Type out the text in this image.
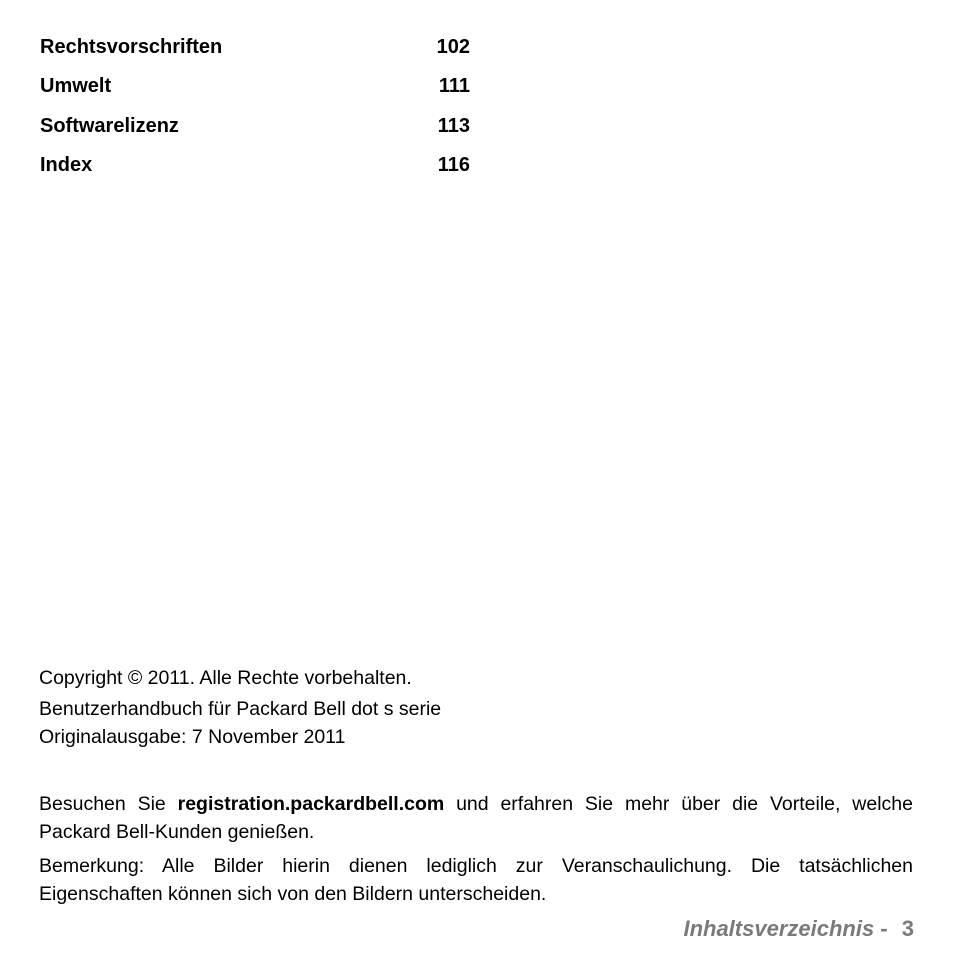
Rechtsvorschriften	102
Umwelt	111
Softwarelizenz	113
Index	116
Copyright © 2011. Alle Rechte vorbehalten.
Benutzerhandbuch für Packard Bell dot s serie
Originalausgabe: 7 November 2011

Besuchen Sie registration.packardbell.com und erfahren Sie mehr über die Vorteile, welche Packard Bell-Kunden genießen.

Bemerkung: Alle Bilder hierin dienen lediglich zur Veranschaulichung. Die tatsächlichen Eigenschaften können sich von den Bildern unterscheiden.

Inhaltsverzeichnis - 3
